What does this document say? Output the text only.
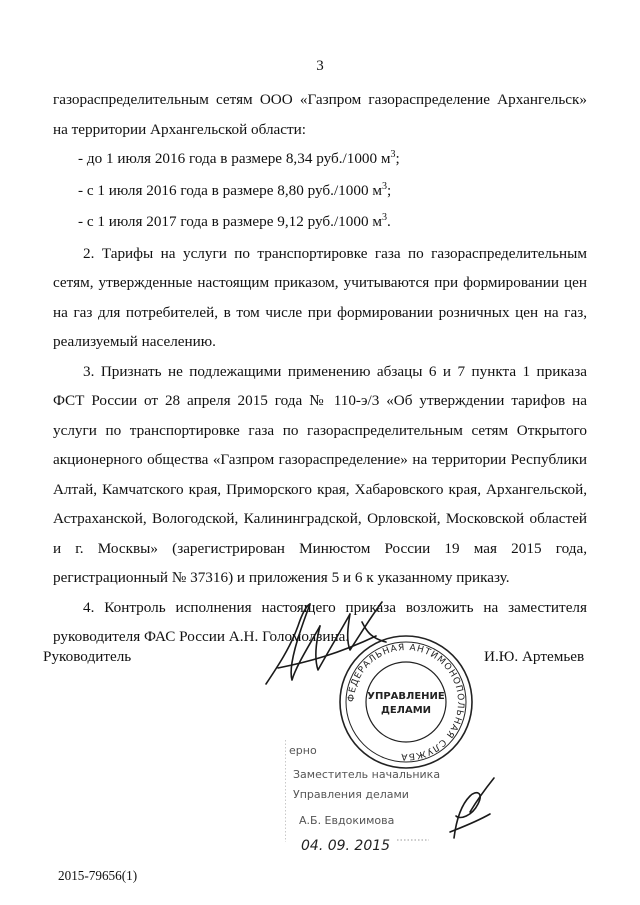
3

газораспределительным сетям ООО «Газпром газораспределение Архангельск» на территории Архангельской области:

- до 1 июля 2016 года в размере 8,34 руб./1000 $м^3$;

- с 1 июля 2016 года в размере 8,80 руб./1000 $м^3$;

- с 1 июля 2017 года в размере 9,12 руб./1000 $м^3$.

2. Тарифы на услуги по транспортировке газа по газораспределительным сетям, утвержденные настоящим приказом, учитываются при формировании цен на газ для потребителей, в том числе при формировании розничных цен на газ, реализуемый населению.

3. Признать не подлежащими применению абзацы 6 и 7 пункта 1 приказа ФСТ России от 28 апреля 2015 года № 110-э/3 «Об утверждении тарифов на услуги по транспортировке газа по газораспределительным сетям Открытого акционерного общества «Газпром газораспределение» на территории Республики Алтай, Камчатского края, Приморского края, Хабаровского края, Архангельской, Астраханской, Вологодской, Калининградской, Орловской, Московской областей и г. Москвы» (зарегистрирован Минюстом России 19 мая 2015 года, регистрационный № 37316) и приложения 5 и 6 к указанному приказу.

4. Контроль исполнения настоящего приказа возложить на заместителя руководителя ФАС России А.Н. Голомолзина.

Руководитель	И.Ю. Артемьев
ФЕДЕРАЛЬНАЯ АНТИМОНОПОЛЬНАЯ СЛУЖБА
УПРАВЛЕНИЕ
ДЕЛАМИ
ерно
Заместитель начальника
Управления делами
А.Б. Евдокимова
04. 09. 2015
2015-79656(1)
